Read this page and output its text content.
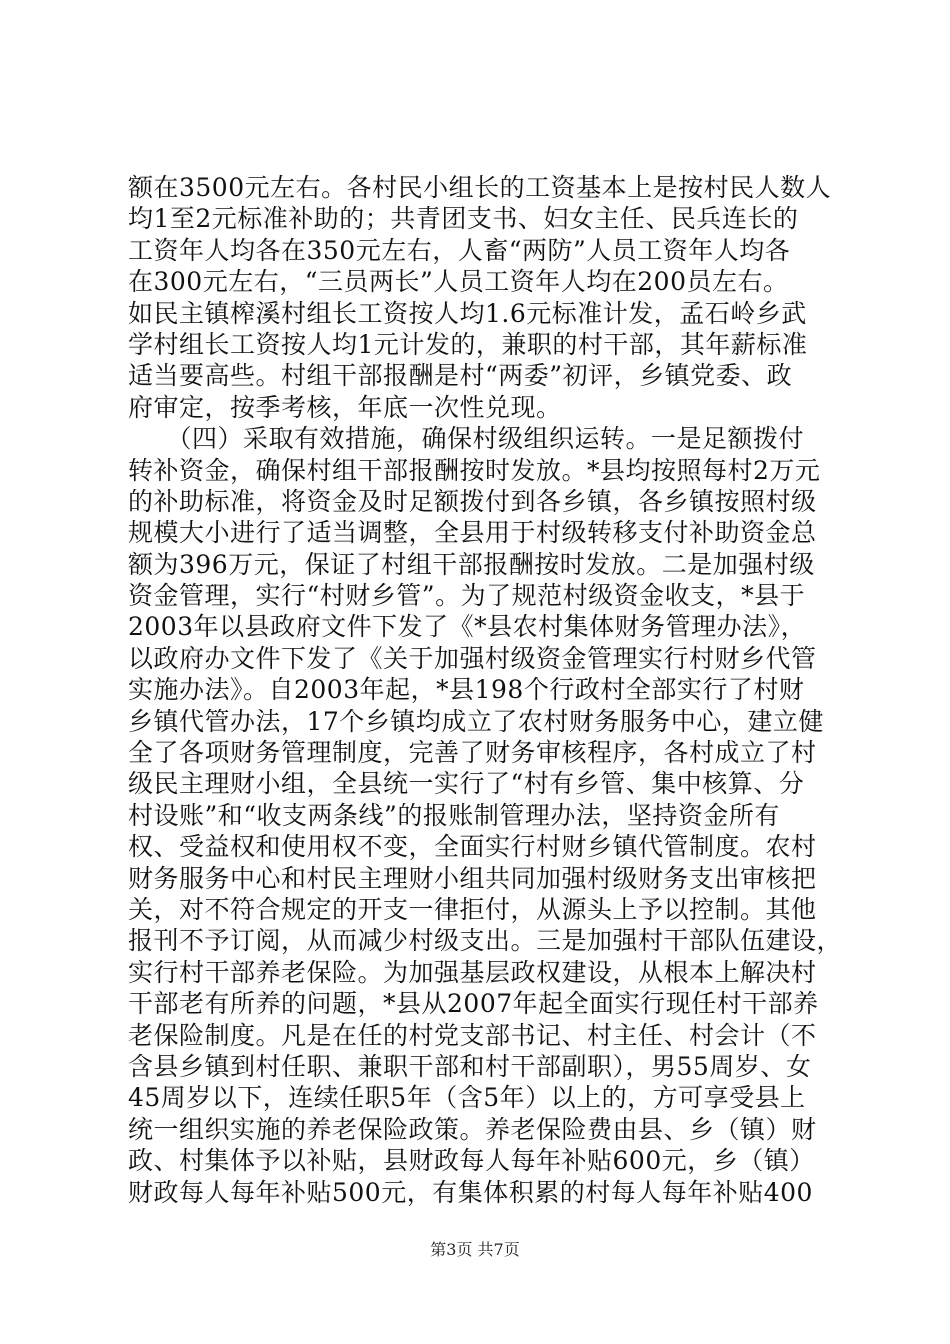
额在3500元左右。各村民小组长的工资基本上是按村民人数人
均1至2元标准补助的；共青团支书、妇女主任、民兵连长的
工资年人均各在350元左右，人畜“两防”人员工资年人均各
在300元左右，“三员两长”人员工资年人均在200员左右。
如民主镇榨溪村组长工资按人均1.6元标准计发，孟石岭乡武
学村组长工资按人均1元计发的，兼职的村干部，其年薪标准
适当要高些。村组干部报酬是村“两委”初评，乡镇党委、政
府审定，按季考核，年底一次性兑现。
　　（四）采取有效措施，确保村级组织运转。一是足额拨付
转补资金，确保村组干部报酬按时发放。*县均按照每村2万元
的补助标准，将资金及时足额拨付到各乡镇，各乡镇按照村级
规模大小进行了适当调整，全县用于村级转移支付补助资金总
额为396万元，保证了村组干部报酬按时发放。二是加强村级
资金管理，实行“村财乡管”。为了规范村级资金收支，*县于
2003年以县政府文件下发了《*县农村集体财务管理办法》，
以政府办文件下发了《关于加强村级资金管理实行村财乡代管
实施办法》。自2003年起，*县198个行政村全部实行了村财
乡镇代管办法，17个乡镇均成立了农村财务服务中心，建立健
全了各项财务管理制度，完善了财务审核程序，各村成立了村
级民主理财小组，全县统一实行了“村有乡管、集中核算、分
村设账”和“收支两条线”的报账制管理办法，坚持资金所有
权、受益权和使用权不变，全面实行村财乡镇代管制度。农村
财务服务中心和村民主理财小组共同加强村级财务支出审核把
关，对不符合规定的开支一律拒付，从源头上予以控制。其他
报刊不予订阅，从而减少村级支出。三是加强村干部队伍建设，
实行村干部养老保险。为加强基层政权建设，从根本上解决村
干部老有所养的问题，*县从2007年起全面实行现任村干部养
老保险制度。凡是在任的村党支部书记、村主任、村会计（不
含县乡镇到村任职、兼职干部和村干部副职），男55周岁、女
45周岁以下，连续任职5年（含5年）以上的，方可享受县上
统一组织实施的养老保险政策。养老保险费由县、乡（镇）财
政、村集体予以补贴，县财政每人每年补贴600元，乡（镇）
财政每人每年补贴500元，有集体积累的村每人每年补贴400
第3页 共7页
